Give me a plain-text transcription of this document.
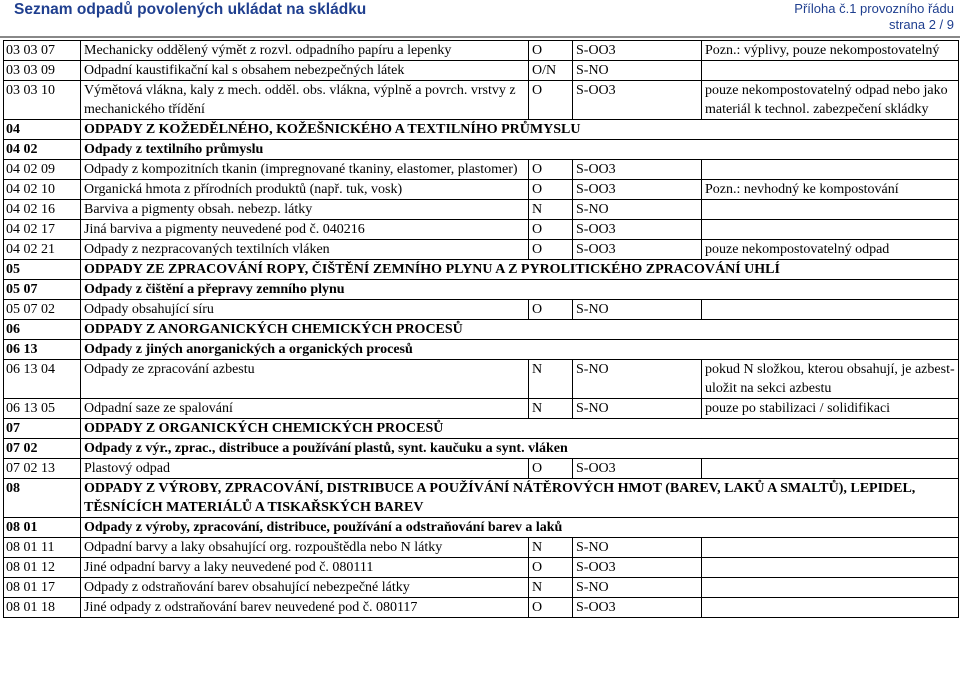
Seznam odpadů povolených ukládat na skládku	Příloha č.1 provozního řádu
strana 2 / 9
03 03 07	Mechanicky oddělený výmět z rozvl. odpadního papíru a lepenky	O	S-OO3	Pozn.: výplivy, pouze nekompostovatelný
03 03 09	Odpadní kaustifikační kal s obsahem nebezpečných látek	O/N	S-NO	
03 03 10	Výmětová vlákna, kaly z mech. odděl. obs. vlákna, výplně a povrch. vrstvy z mechanického třídění	O	S-OO3	pouze nekompostovatelný odpad nebo jako materiál k technol. zabezpečení skládky
04	ODPADY Z KOŽEDĚLNÉHO, KOŽEŠNICKÉHO A TEXTILNÍHO PRŮMYSLU			
04 02	Odpady z textilního průmyslu			
04 02 09	Odpady z kompozitních tkanin (impregnované tkaniny, elastomer, plastomer)	O	S-OO3	
04 02 10	Organická hmota z přírodních produktů (např. tuk, vosk)	O	S-OO3	Pozn.: nevhodný ke kompostování
04 02 16	Barviva a pigmenty obsah. nebezp. látky	N	S-NO	
04 02 17	Jiná barviva a pigmenty neuvedené pod č. 040216	O	S-OO3	
04 02 21	Odpady z nezpracovaných textilních vláken	O	S-OO3	pouze nekompostovatelný odpad
05	ODPADY ZE ZPRACOVÁNÍ ROPY, ČIŠTĚNÍ ZEMNÍHO PLYNU A Z PYROLITICKÉHO ZPRACOVÁNÍ UHLÍ			
05 07	Odpady z čištění a přepravy zemního plynu			
05 07 02	Odpady obsahující síru	O	S-NO	
06	ODPADY Z ANORGANICKÝCH CHEMICKÝCH PROCESŮ			
06 13	Odpady z jiných anorganických a organických procesů			
06 13 04	Odpady ze zpracování azbestu	N	S-NO	pokud N složkou, kterou obsahují, je azbest- uložit na sekci azbestu
06 13 05	Odpadní saze ze spalování	N	S-NO	pouze po stabilizaci / solidifikaci
07	ODPADY Z ORGANICKÝCH CHEMICKÝCH PROCESŮ			
07 02	Odpady z výr., zprac., distribuce a používání plastů, synt. kaučuku a synt. vláken			
07 02 13	Plastový odpad	O	S-OO3	
08	ODPADY Z VÝROBY, ZPRACOVÁNÍ, DISTRIBUCE A POUŽÍVÁNÍ NÁTĚROVÝCH HMOT (BAREV, LAKŮ A SMALTŮ), LEPIDEL, TĚSNÍCÍCH MATERIÁLŮ A TISKAŘSKÝCH BAREV			
08 01	Odpady z výroby, zpracování, distribuce, používání a odstraňování barev a laků			
08 01 11	Odpadní barvy a laky obsahující org. rozpouštědla nebo N látky	N	S-NO	
08 01 12	Jiné odpadní barvy a laky neuvedené pod č. 080111	O	S-OO3	
08 01 17	Odpady z odstraňování barev obsahující nebezpečné látky	N	S-NO	
08 01 18	Jiné odpady z odstraňování barev neuvedené pod č. 080117	O	S-OO3	
